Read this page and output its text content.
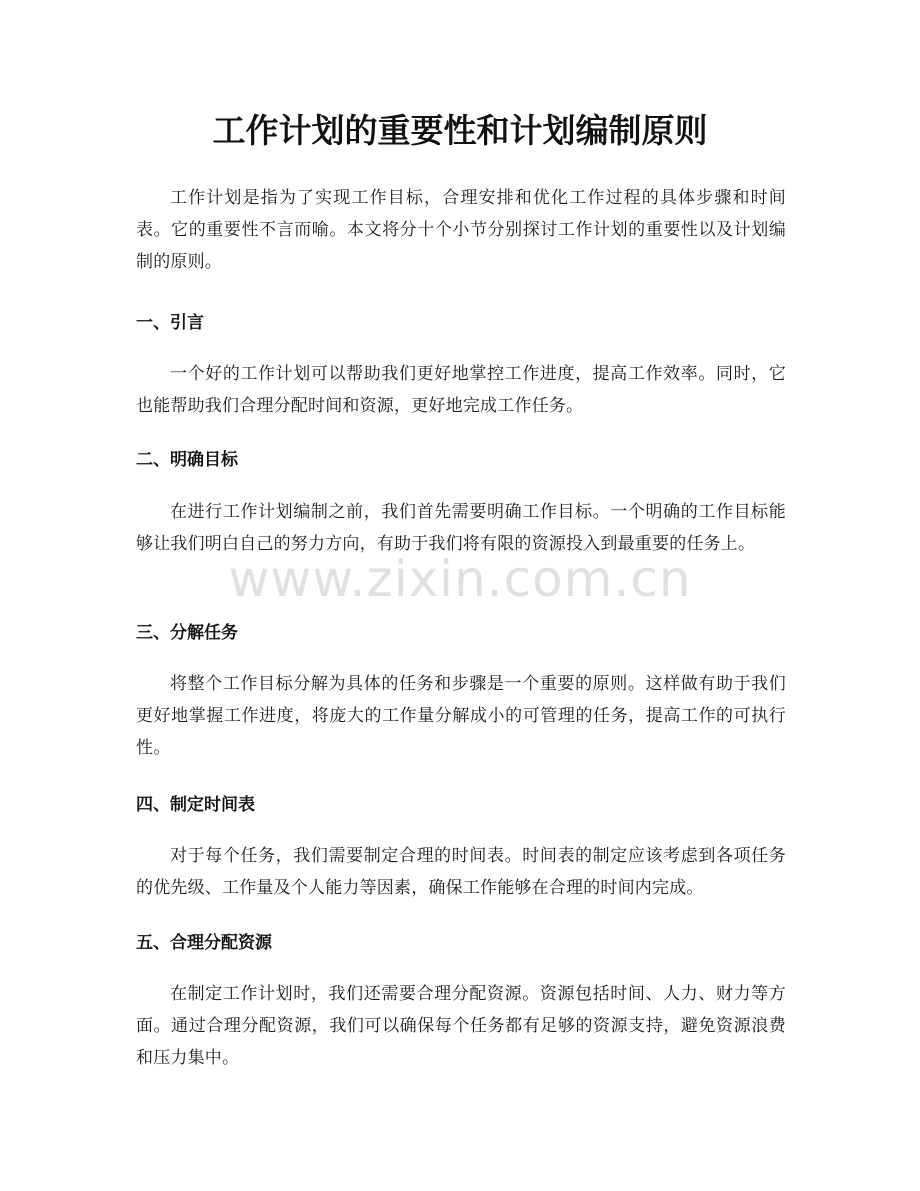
工作计划的重要性和计划编制原则

工作计划是指为了实现工作目标，合理安排和优化工作过程的具体步骤和时间表。它的重要性不言而喻。本文将分十个小节分别探讨工作计划的重要性以及计划编制的原则。

一、引言

一个好的工作计划可以帮助我们更好地掌控工作进度，提高工作效率。同时，它也能帮助我们合理分配时间和资源，更好地完成工作任务。

二、明确目标

在进行工作计划编制之前，我们首先需要明确工作目标。一个明确的工作目标能够让我们明白自己的努力方向，有助于我们将有限的资源投入到最重要的任务上。

三、分解任务

将整个工作目标分解为具体的任务和步骤是一个重要的原则。这样做有助于我们更好地掌握工作进度，将庞大的工作量分解成小的可管理的任务，提高工作的可执行性。

四、制定时间表

对于每个任务，我们需要制定合理的时间表。时间表的制定应该考虑到各项任务的优先级、工作量及个人能力等因素，确保工作能够在合理的时间内完成。

五、合理分配资源

在制定工作计划时，我们还需要合理分配资源。资源包括时间、人力、财力等方面。通过合理分配资源，我们可以确保每个任务都有足够的资源支持，避免资源浪费和压力集中。

www.zixin.com.cn
